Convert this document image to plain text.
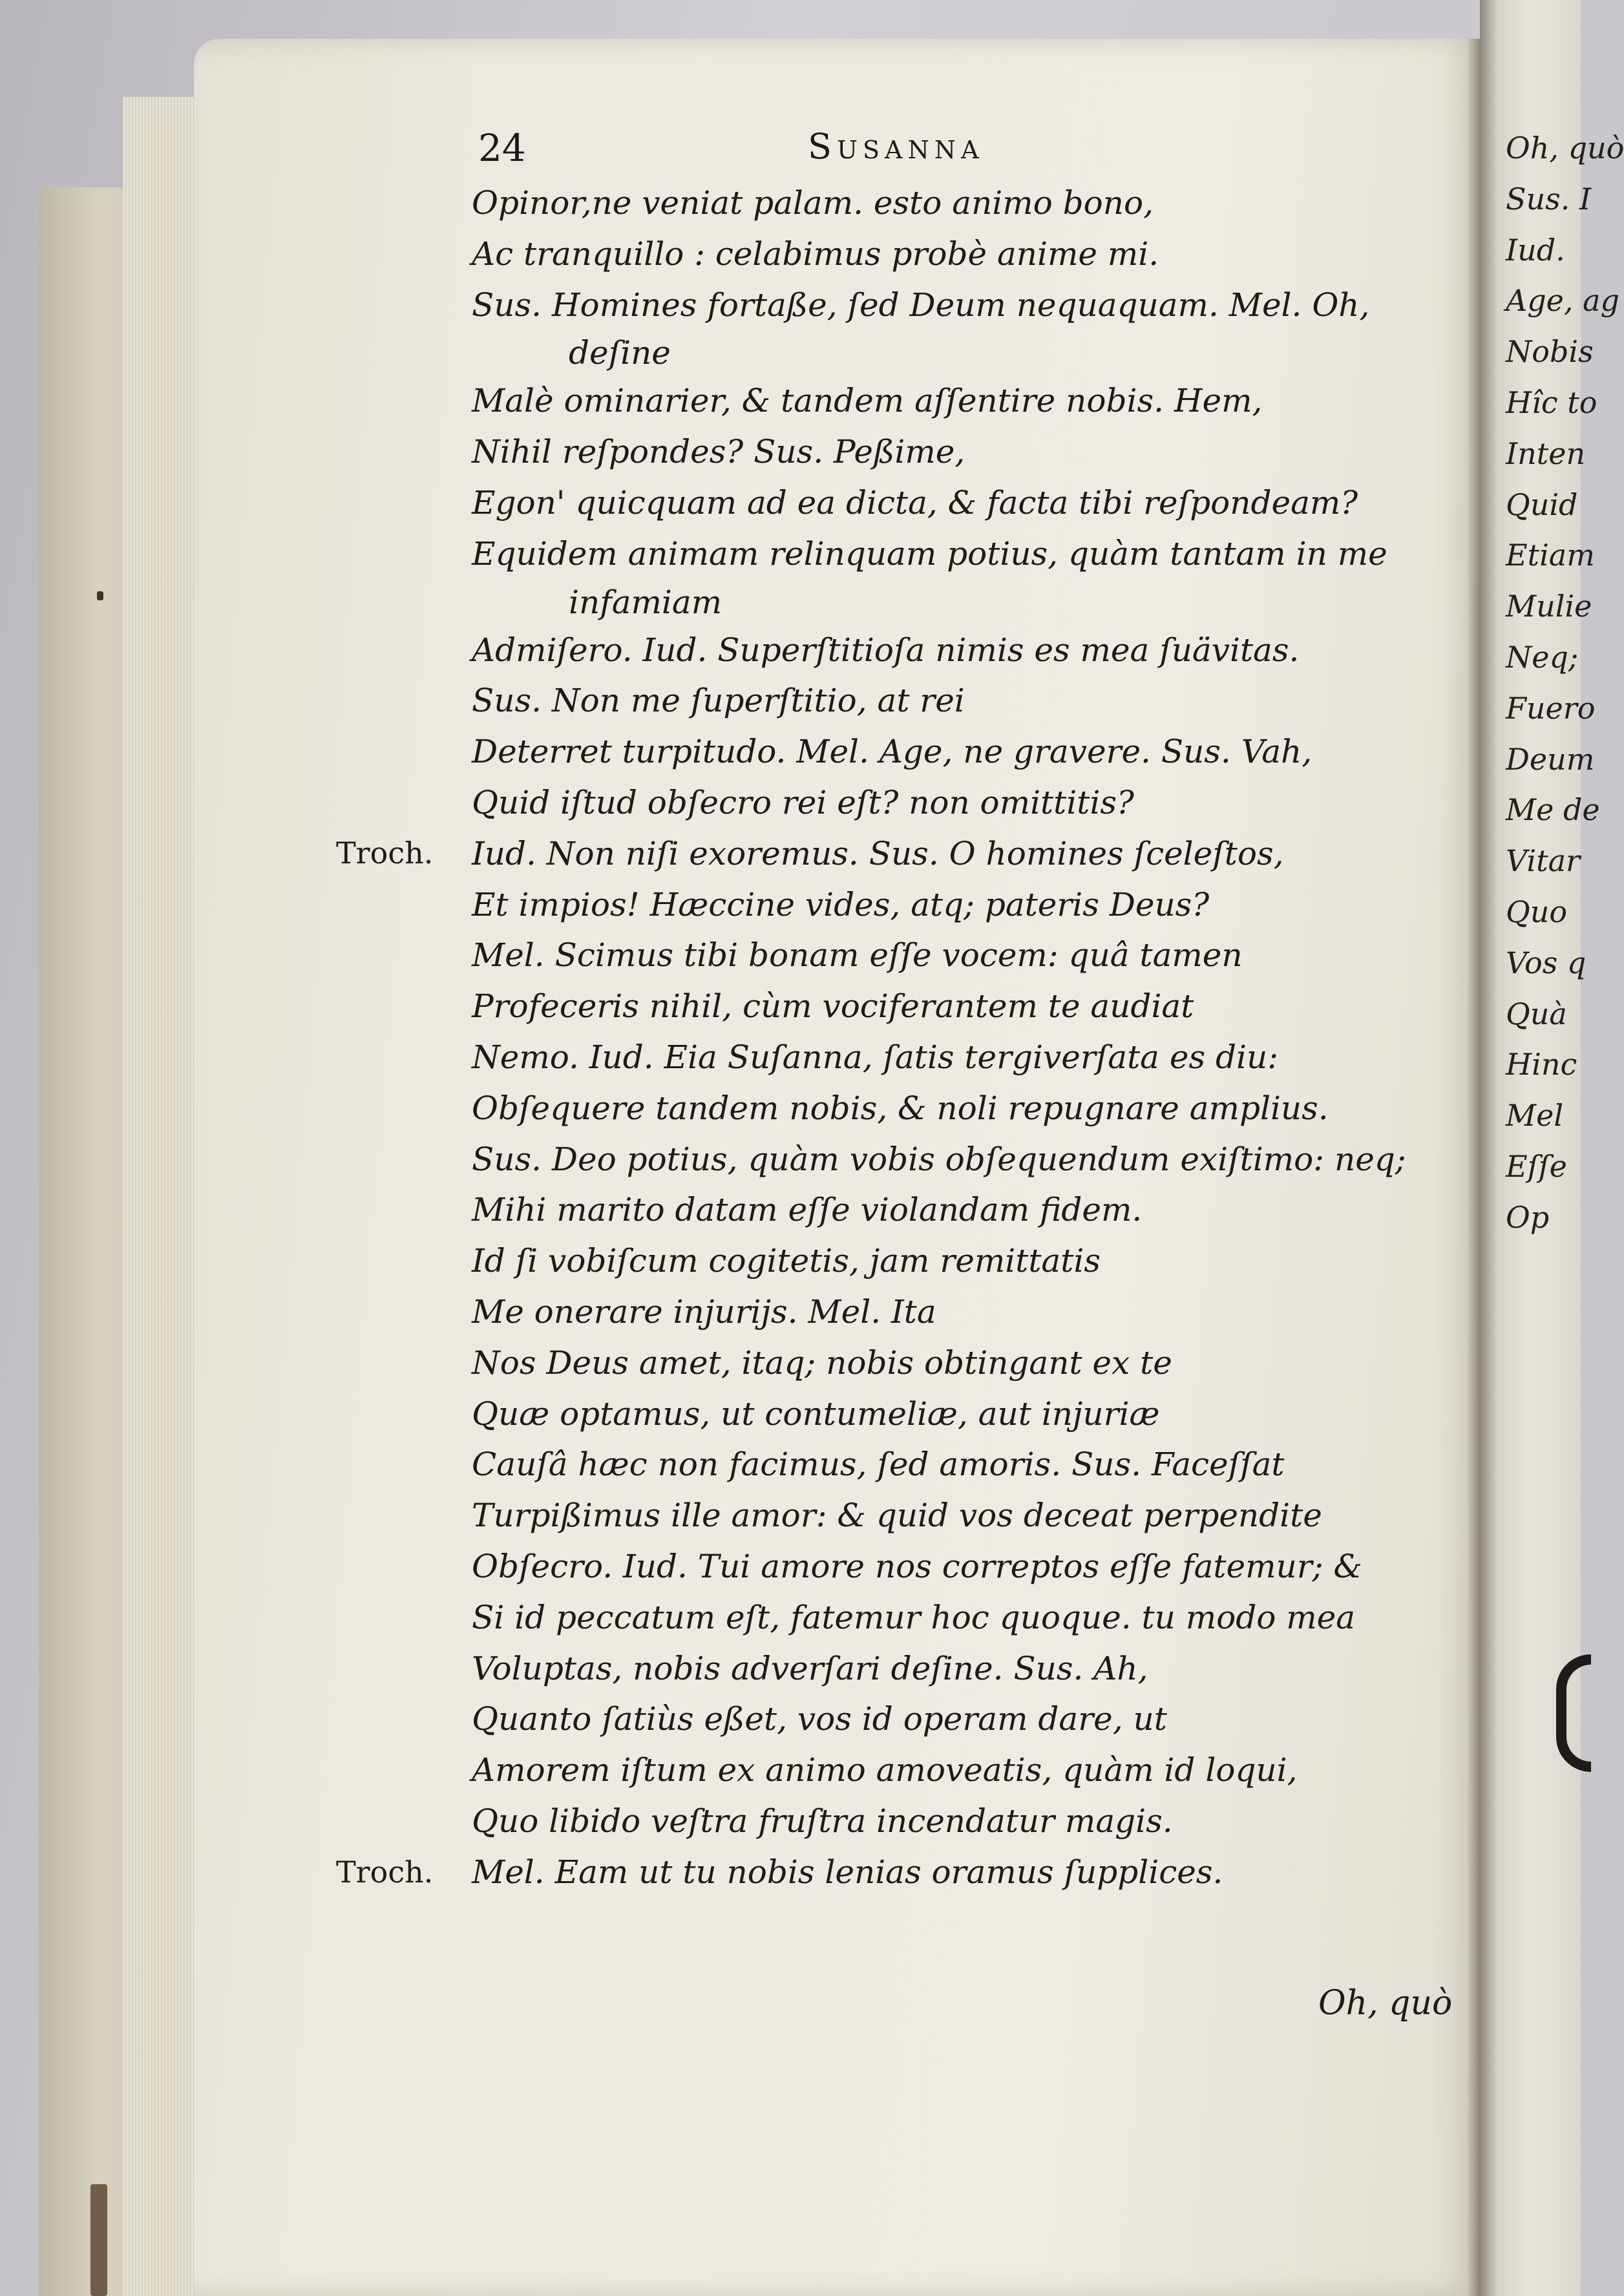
24	Susanna
Opinor,ne veniat palam. esto animo bono,
Ac tranquillo : celabimus probè anime mi.
Sus. Homines fortaße, ſed Deum nequaquam. Mel. Oh,
deſine
Malè ominarier, & tandem aſſentire nobis. Hem,
Nihil reſpondes? Sus. Peßime,
Egon' quicquam ad ea dicta, & facta tibi reſpondeam?
Equidem animam relinquam potius, quàm tantam in me
infamiam
Admiſero. Iud. Superſtitioſa nimis es mea ſuävitas.
Sus. Non me ſuperſtitio, at rei
Deterret turpitudo. Mel. Age, ne gravere. Sus. Vah,
Quid iſtud obſecro rei eſt? non omittitis?
Iud. Non niſi exoremus. Sus. O homines ſceleſtos,
Et impios! Hæccine vides, atq; pateris Deus?
Mel. Scimus tibi bonam eſſe vocem: quâ tamen
Profeceris nihil, cùm vociferantem te audiat
Nemo. Iud. Eia Suſanna, ſatis tergiverſata es diu:
Obſequere tandem nobis, & noli repugnare amplius.
Sus. Deo potius, quàm vobis obſequendum exiſtimo: neq;
Mihi marito datam eſſe violandam fidem.
Id ſi vobiſcum cogitetis, jam remittatis
Me onerare injurijs. Mel. Ita
Nos Deus amet, itaq; nobis obtingant ex te
Quæ optamus, ut contumeliæ, aut injuriæ
Cauſâ hæc non facimus, ſed amoris. Sus. Faceſſat
Turpißimus ille amor: & quid vos deceat perpendite
Obſecro. Iud. Tui amore nos correptos eſſe fatemur; &
Si id peccatum eſt, fatemur hoc quoque. tu modo mea
Voluptas, nobis adverſari deſine. Sus. Ah,
Quanto ſatiùs eßet, vos id operam dare, ut
Amorem iſtum ex animo amoveatis, quàm id loqui,
Quo libido veſtra fruſtra incendatur magis.
Mel. Eam ut tu nobis lenias oramus ſupplices.
Troch.
Troch.
Oh, quò
Oh, quò
Sus. I
Iud.
Age, ag
Nobis
Hîc to
Inten
Quid
Etiam
Mulie
Neq;
Fuero
Deum
Me de
Vitar
Quo
Vos q
Quà
Hinc
Mel
Eſſe
Op
